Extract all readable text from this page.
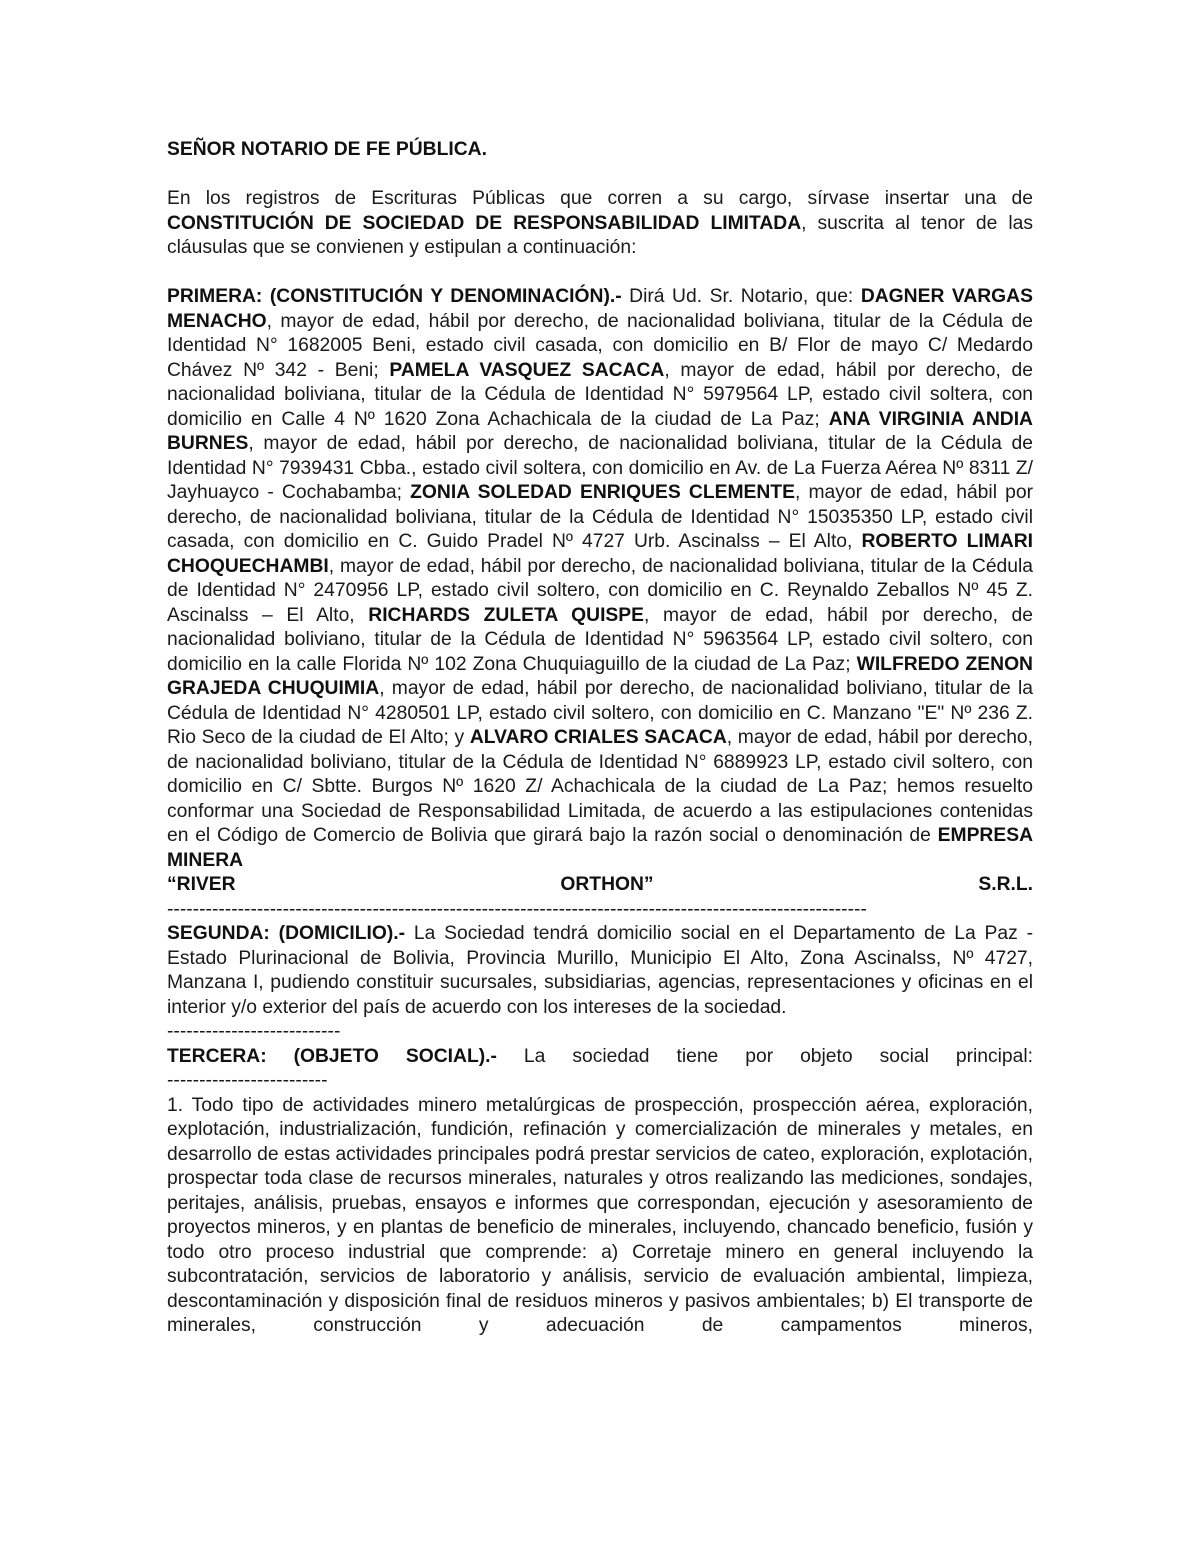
SEÑOR NOTARIO DE FE PÚBLICA.

En los registros de Escrituras Públicas que corren a su cargo, sírvase insertar una de CONSTITUCIÓN DE SOCIEDAD DE RESPONSABILIDAD LIMITADA, suscrita al tenor de las cláusulas que se convienen y estipulan a continuación:

PRIMERA: (CONSTITUCIÓN Y DENOMINACIÓN).- Dirá Ud. Sr. Notario, que: DAGNER VARGAS MENACHO, mayor de edad, hábil por derecho, de nacionalidad boliviana, titular de la Cédula de Identidad N° 1682005 Beni, estado civil casada, con domicilio en B/ Flor de mayo C/ Medardo Chávez Nº 342 - Beni; PAMELA VASQUEZ SACACA, mayor de edad, hábil por derecho, de nacionalidad boliviana, titular de la Cédula de Identidad N° 5979564 LP, estado civil soltera, con domicilio en Calle 4 Nº 1620 Zona Achachicala de la ciudad de La Paz; ANA VIRGINIA ANDIA BURNES, mayor de edad, hábil por derecho, de nacionalidad boliviana, titular de la Cédula de Identidad N° 7939431 Cbba., estado civil soltera, con domicilio en Av. de La Fuerza Aérea Nº 8311 Z/ Jayhuayco - Cochabamba; ZONIA SOLEDAD ENRIQUES CLEMENTE, mayor de edad, hábil por derecho, de nacionalidad boliviana, titular de la Cédula de Identidad N° 15035350 LP, estado civil casada, con domicilio en C. Guido Pradel Nº 4727 Urb. Ascinalss – El Alto, ROBERTO LIMARI CHOQUECHAMBI, mayor de edad, hábil por derecho, de nacionalidad boliviana, titular de la Cédula de Identidad N° 2470956 LP, estado civil soltero, con domicilio en C. Reynaldo Zeballos Nº 45 Z. Ascinalss – El Alto, RICHARDS ZULETA QUISPE, mayor de edad, hábil por derecho, de nacionalidad boliviano, titular de la Cédula de Identidad N° 5963564 LP, estado civil soltero, con domicilio en la calle Florida Nº 102 Zona Chuquiaguillo de la ciudad de La Paz; WILFREDO ZENON GRAJEDA CHUQUIMIA, mayor de edad, hábil por derecho, de nacionalidad boliviano, titular de la Cédula de Identidad N° 4280501 LP, estado civil soltero, con domicilio en C. Manzano "E" Nº 236 Z. Rio Seco de la ciudad de El Alto; y ALVARO CRIALES SACACA, mayor de edad, hábil por derecho, de nacionalidad boliviano, titular de la Cédula de Identidad N° 6889923 LP, estado civil soltero, con domicilio en C/ Sbtte. Burgos Nº 1620 Z/ Achachicala de la ciudad de La Paz; hemos resuelto conformar una Sociedad de Responsabilidad Limitada, de acuerdo a las estipulaciones contenidas en el Código de Comercio de Bolivia que girará bajo la razón social o denominación de EMPRESA MINERA

“RIVER	ORTHON”	S.R.L.
-------------------------------------------------------------------------------------------------------------

SEGUNDA: (DOMICILIO).- La Sociedad tendrá domicilio social en el Departamento de La Paz - Estado Plurinacional de Bolivia, Provincia Murillo, Municipio El Alto, Zona Ascinalss, Nº 4727, Manzana I, pudiendo constituir sucursales, subsidiarias, agencias, representaciones y oficinas en el interior y/o exterior del país de acuerdo con los intereses de la sociedad.

---------------------------

TERCERA: (OBJETO SOCIAL).- La sociedad tiene por objeto social principal:

-------------------------

1. Todo tipo de actividades minero metalúrgicas de prospección, prospección aérea, exploración, explotación, industrialización, fundición, refinación y comercialización de minerales y metales, en desarrollo de estas actividades principales podrá prestar servicios de cateo, exploración, explotación, prospectar toda clase de recursos minerales, naturales y otros realizando las mediciones, sondajes, peritajes, análisis, pruebas, ensayos e informes que correspondan, ejecución y asesoramiento de proyectos mineros, y en plantas de beneficio de minerales, incluyendo, chancado beneficio, fusión y todo otro proceso industrial que comprende: a) Corretaje minero en general incluyendo la subcontratación, servicios de laboratorio y análisis, servicio de evaluación ambiental, limpieza, descontaminación y disposición final de residuos mineros y pasivos ambientales; b) El transporte de minerales, construcción y adecuación de campamentos mineros,
